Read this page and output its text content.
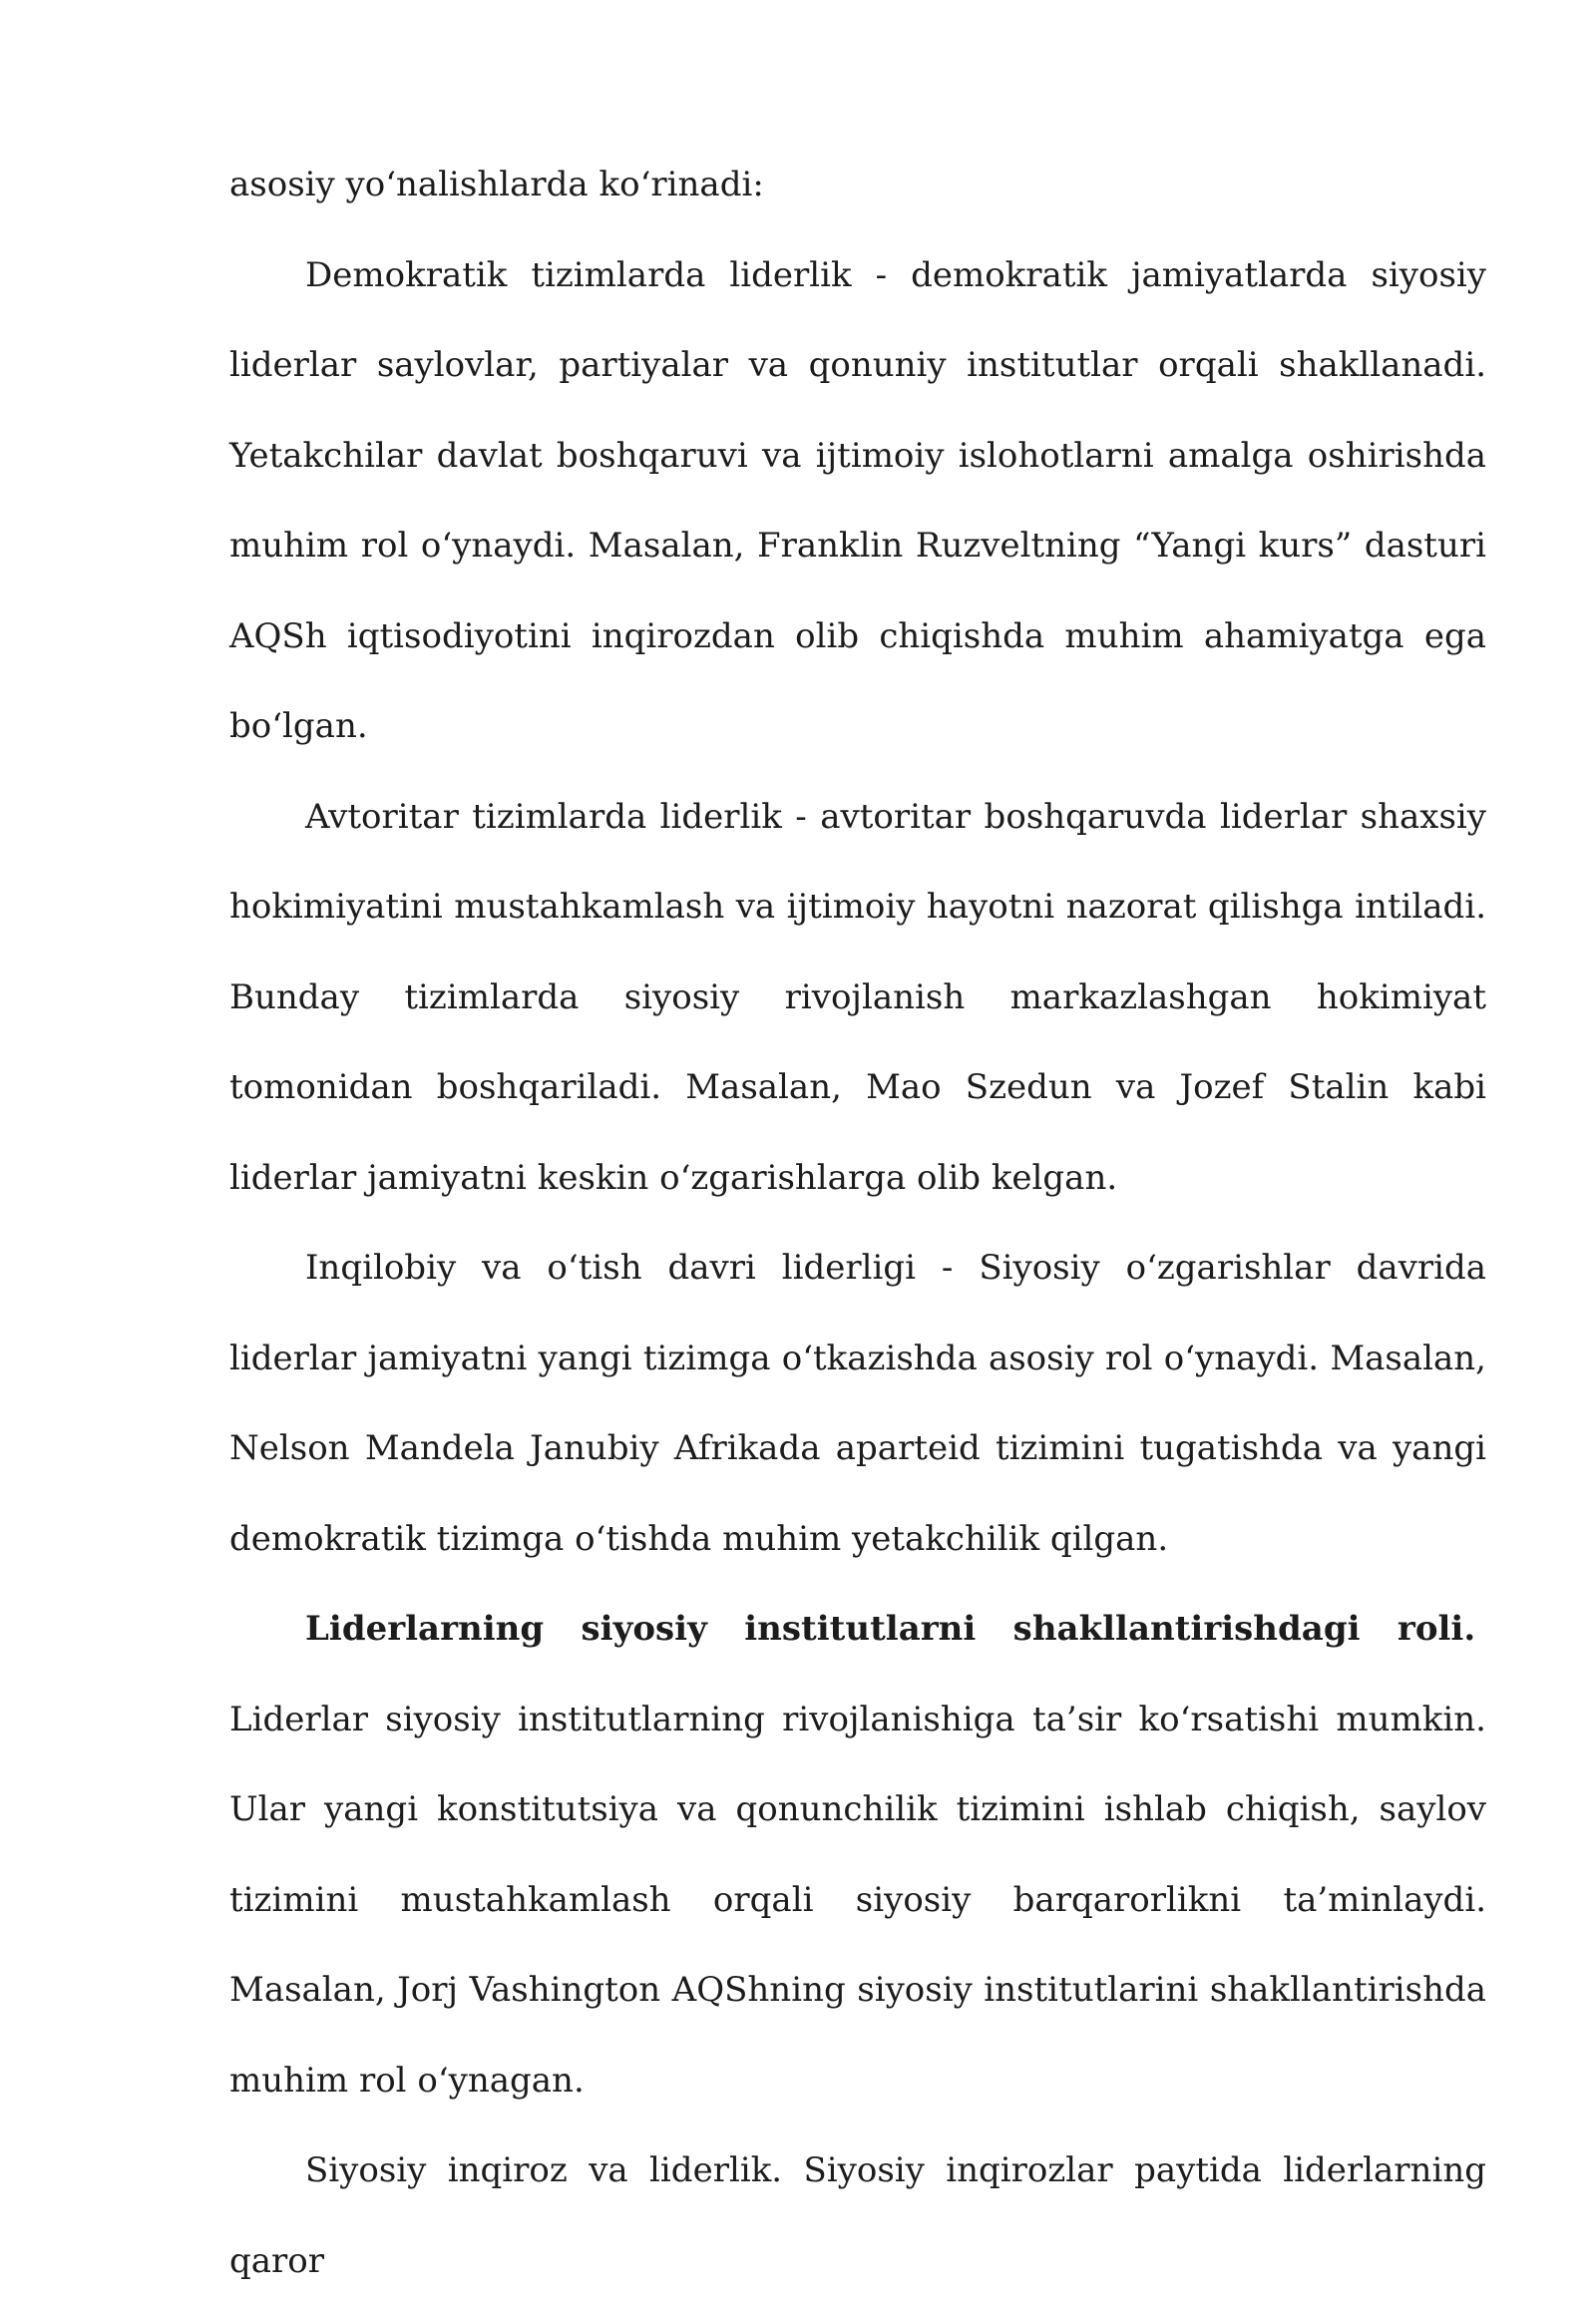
asosiy yo‘nalishlarda ko‘rinadi:

Demokratik tizimlarda liderlik - demokratik jamiyatlarda siyosiy liderlar saylovlar, partiyalar va qonuniy institutlar orqali shakllanadi. Yetakchilar davlat boshqaruvi va ijtimoiy islohotlarni amalga oshirishda muhim rol o‘ynaydi. Masalan, Franklin Ruzveltning “Yangi kurs” dasturi AQSh iqtisodiyotini inqirozdan olib chiqishda muhim ahamiyatga ega bo‘lgan.

Avtoritar tizimlarda liderlik - avtoritar boshqaruvda liderlar shaxsiy hokimiyatini mustahkamlash va ijtimoiy hayotni nazorat qilishga intiladi. Bunday tizimlarda siyosiy rivojlanish markazlashgan hokimiyat tomonidan boshqariladi. Masalan, Mao Szedun va Jozef Stalin kabi liderlar jamiyatni keskin o‘zgarishlarga olib kelgan.

Inqilobiy va o‘tish davri liderligi - Siyosiy o‘zgarishlar davrida liderlar jamiyatni yangi tizimga o‘tkazishda asosiy rol o‘ynaydi. Masalan, Nelson Mandela Janubiy Afrikada aparteid tizimini tugatishda va yangi demokratik tizimga o‘tishda muhim yetakchilik qilgan.

Liderlarning siyosiy institutlarni shakllantirishdagi roli.  Liderlar siyosiy institutlarning rivojlanishiga ta’sir ko‘rsatishi mumkin. Ular yangi konstitutsiya va qonunchilik tizimini ishlab chiqish, saylov tizimini mustahkamlash orqali siyosiy barqarorlikni ta’minlaydi. Masalan, Jorj Vashington AQShning siyosiy institutlarini shakllantirishda muhim rol o‘ynagan.

Siyosiy inqiroz va liderlik. Siyosiy inqirozlar paytida liderlarning qaror
